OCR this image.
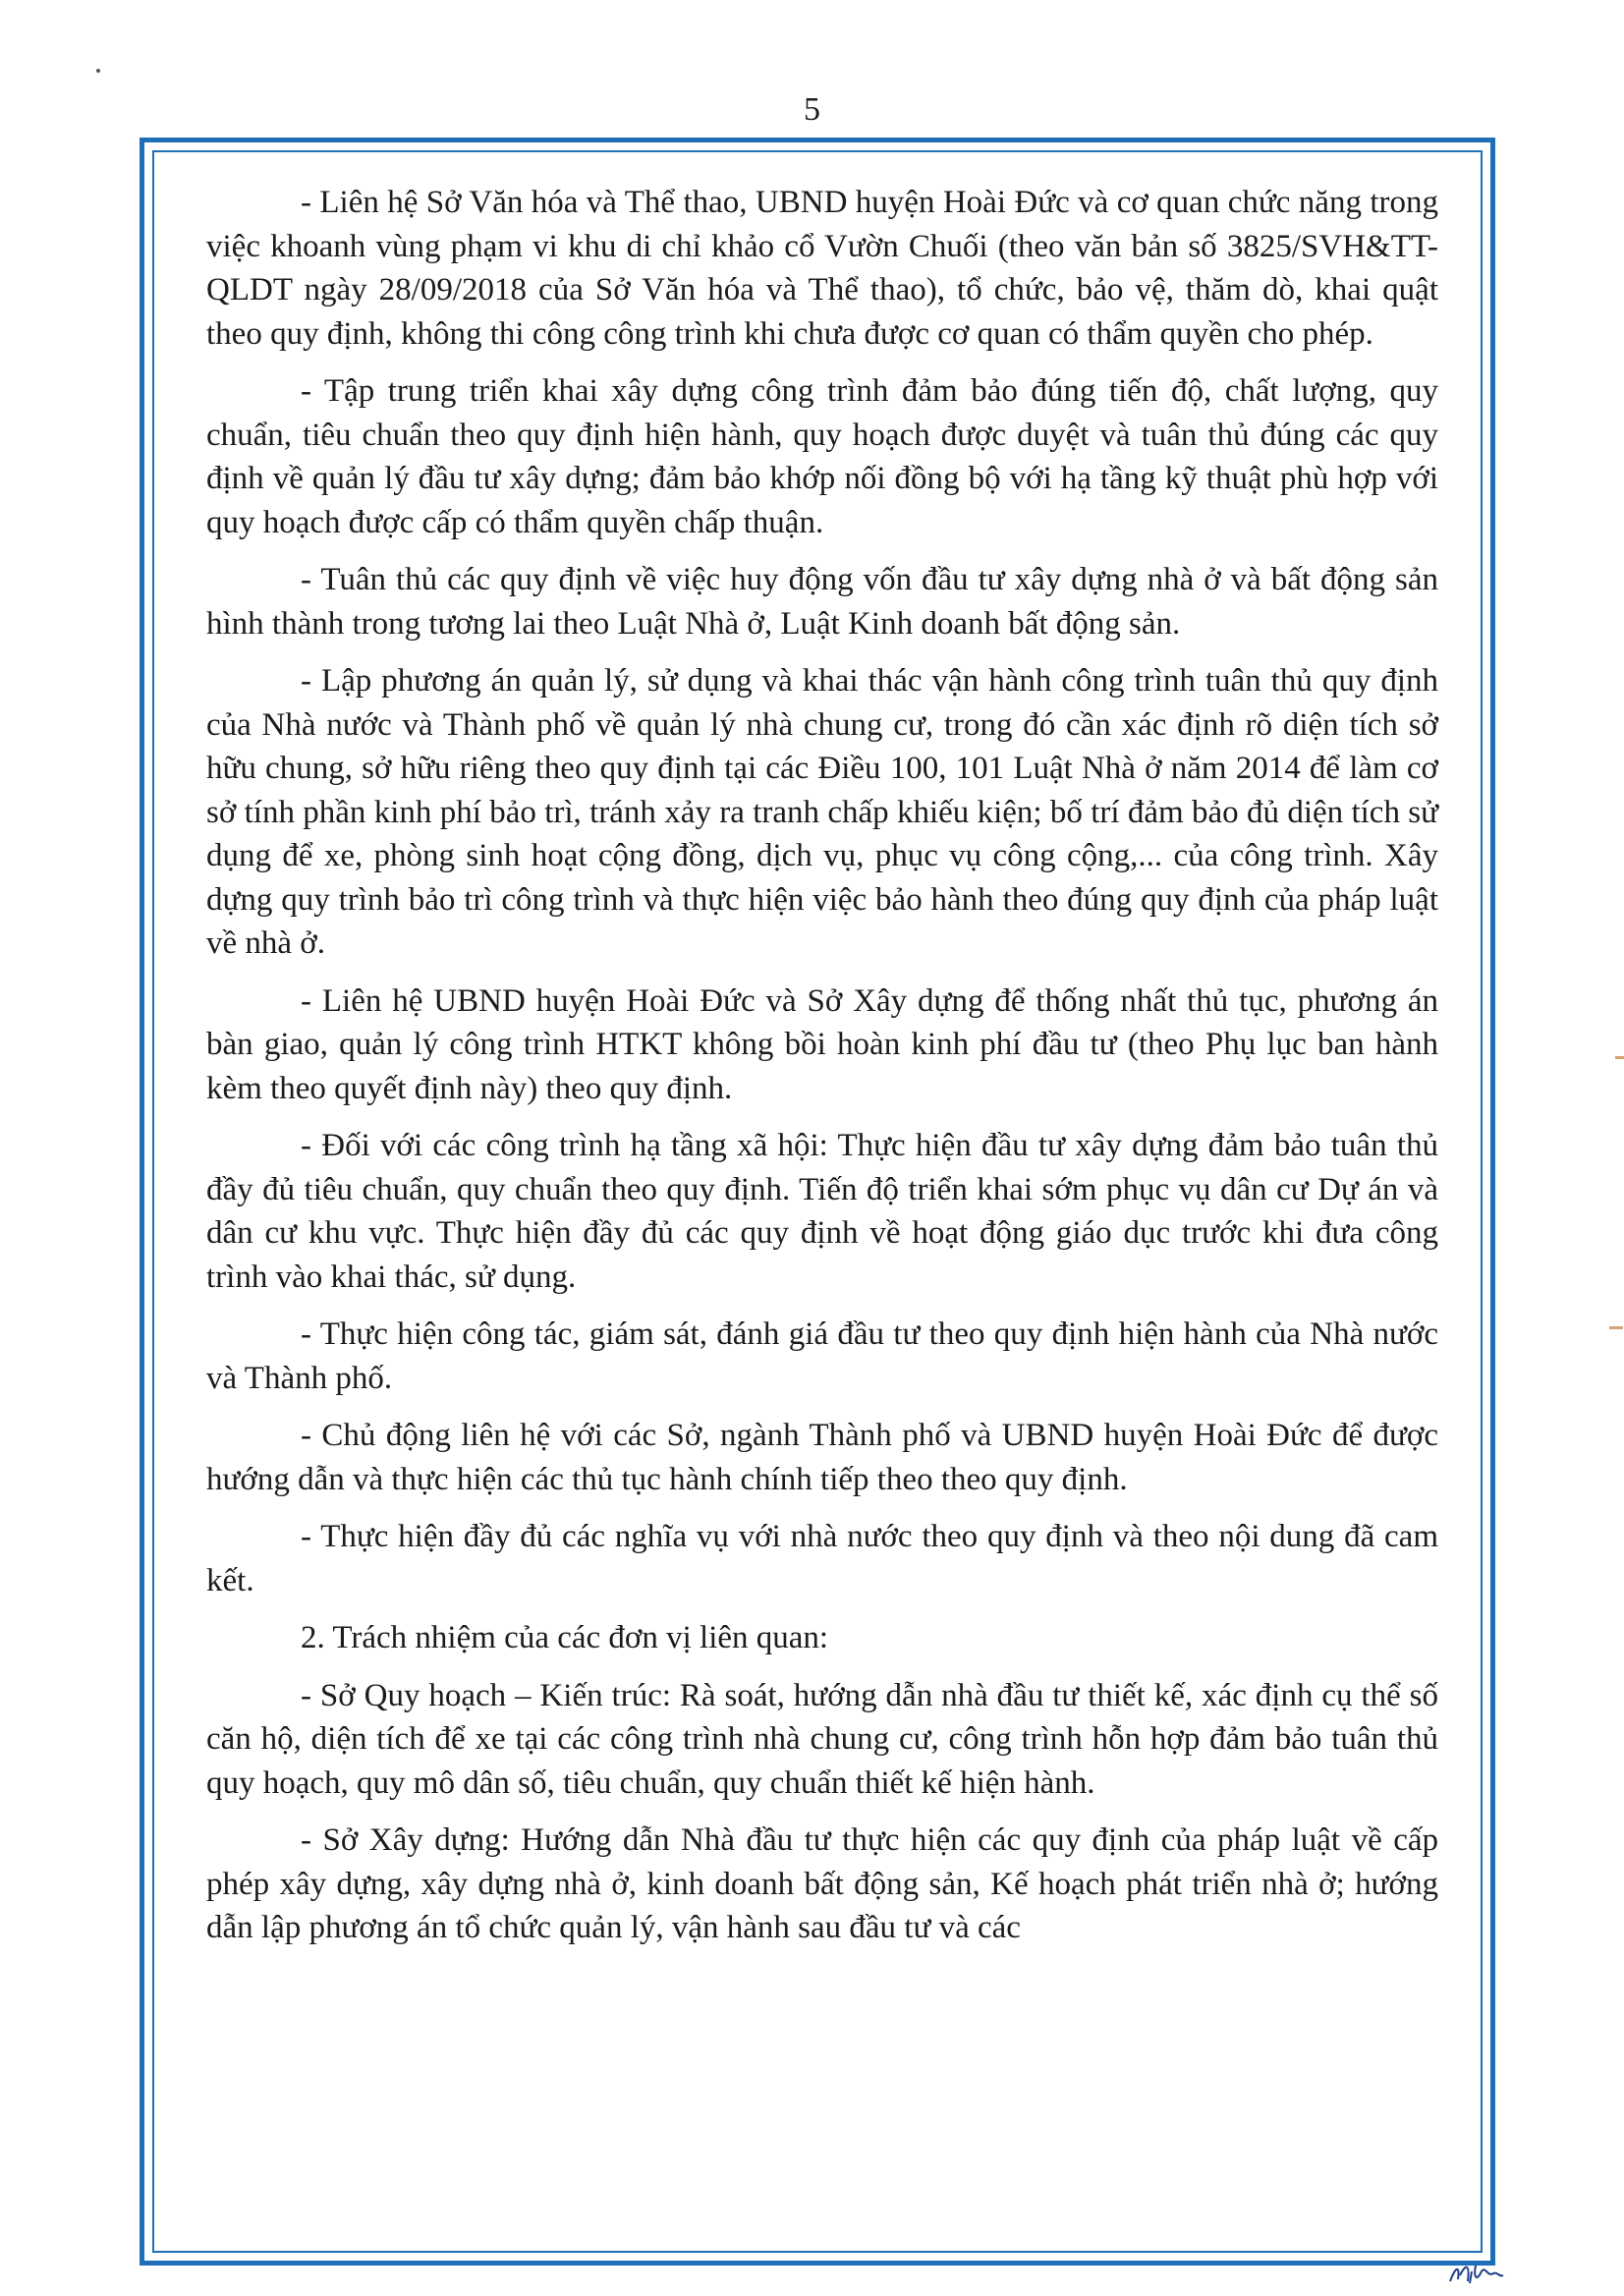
5

- Liên hệ Sở Văn hóa và Thể thao, UBND huyện Hoài Đức và cơ quan chức năng trong việc khoanh vùng phạm vi khu di chỉ khảo cổ Vườn Chuối (theo văn bản số 3825/SVH&TT-QLDT ngày 28/09/2018 của Sở Văn hóa và Thể thao), tổ chức, bảo vệ, thăm dò, khai quật theo quy định, không thi công công trình khi chưa được cơ quan có thẩm quyền cho phép.

- Tập trung triển khai xây dựng công trình đảm bảo đúng tiến độ, chất lượng, quy chuẩn, tiêu chuẩn theo quy định hiện hành, quy hoạch được duyệt và tuân thủ đúng các quy định về quản lý đầu tư xây dựng; đảm bảo khớp nối đồng bộ với hạ tầng kỹ thuật phù hợp với quy hoạch được cấp có thẩm quyền chấp thuận.

- Tuân thủ các quy định về việc huy động vốn đầu tư xây dựng nhà ở và bất động sản hình thành trong tương lai theo Luật Nhà ở, Luật Kinh doanh bất động sản.

- Lập phương án quản lý, sử dụng và khai thác vận hành công trình tuân thủ quy định của Nhà nước và Thành phố về quản lý nhà chung cư, trong đó cần xác định rõ diện tích sở hữu chung, sở hữu riêng theo quy định tại các Điều 100, 101 Luật Nhà ở năm 2014 để làm cơ sở tính phần kinh phí bảo trì, tránh xảy ra tranh chấp khiếu kiện; bố trí đảm bảo đủ diện tích sử dụng để xe, phòng sinh hoạt cộng đồng, dịch vụ, phục vụ công cộng,... của công trình. Xây dựng quy trình bảo trì công trình và thực hiện việc bảo hành theo đúng quy định của pháp luật về nhà ở.

- Liên hệ UBND huyện Hoài Đức và Sở Xây dựng để thống nhất thủ tục, phương án bàn giao, quản lý công trình HTKT không bồi hoàn kinh phí đầu tư (theo Phụ lục ban hành kèm theo quyết định này) theo quy định.

- Đối với các công trình hạ tầng xã hội: Thực hiện đầu tư xây dựng đảm bảo tuân thủ đầy đủ tiêu chuẩn, quy chuẩn theo quy định. Tiến độ triển khai sớm phục vụ dân cư Dự án và dân cư khu vực. Thực hiện đầy đủ các quy định về hoạt động giáo dục trước khi đưa công trình vào khai thác, sử dụng.

- Thực hiện công tác, giám sát, đánh giá đầu tư theo quy định hiện hành của Nhà nước và Thành phố.

- Chủ động liên hệ với các Sở, ngành Thành phố và UBND huyện Hoài Đức để được hướng dẫn và thực hiện các thủ tục hành chính tiếp theo theo quy định.

- Thực hiện đầy đủ các nghĩa vụ với nhà nước theo quy định và theo nội dung đã cam kết.

2. Trách nhiệm của các đơn vị liên quan:

- Sở Quy hoạch – Kiến trúc: Rà soát, hướng dẫn nhà đầu tư thiết kế, xác định cụ thể số căn hộ, diện tích để xe tại các công trình nhà chung cư, công trình hỗn hợp đảm bảo tuân thủ quy hoạch, quy mô dân số, tiêu chuẩn, quy chuẩn thiết kế hiện hành.

- Sở Xây dựng: Hướng dẫn Nhà đầu tư thực hiện các quy định của pháp luật về cấp phép xây dựng, xây dựng nhà ở, kinh doanh bất động sản, Kế hoạch phát triển nhà ở; hướng dẫn lập phương án tổ chức quản lý, vận hành sau đầu tư và các
